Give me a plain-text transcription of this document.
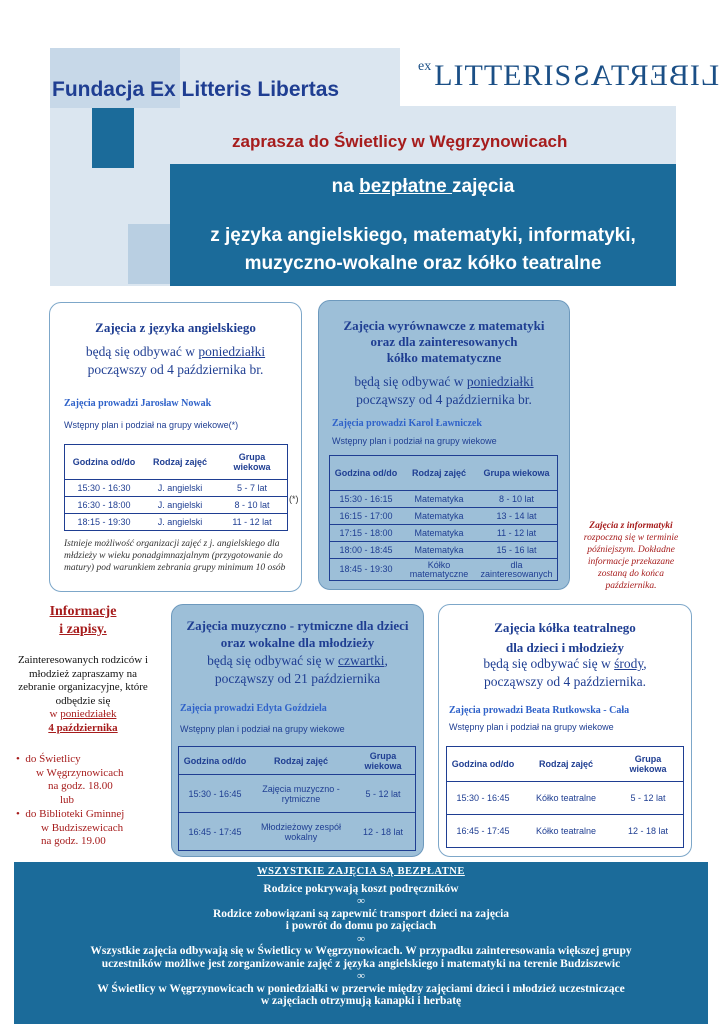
Fundacja Ex Litteris Libertas
$^{ex}$ LITTERISLIBERTAS
zaprasza do Świetlicy w Węgrzynowicach
na bezpłatne zajęcia
z języka angielskiego, matematyki, informatyki,
muzyczno-wokalne oraz kółko teatralne
Zajęcia z języka angielskiego
będą się odbywać w poniedziałki
począwszy od 4 października br.
Zajęcia prowadzi Jarosław Nowak
Wstępny plan i podział na grupy wiekowe(*)
Godzina od/do	Rodzaj zajęć	Grupa wiekowa
15:30 - 16:30	J. angielski	5 - 7 lat
16:30 - 18:00	J. angielski	8 - 10 lat
18:15 - 19:30	J. angielski	11 - 12 lat
(*)
Istnieje możliwość organizacji zajęć z j. angielskiego dla młdzieży w wieku ponadgimnazjalnym (przygotowanie do matury) pod warunkiem zebrania grupy minimum 10 osób
Zajęcia wyrównawcze z matematyki
oraz dla zainteresowanych
kółko matematyczne
będą się odbywać w poniedziałki
począwszy od 4 października br.
Zajęcia prowadzi Karol Ławniczek
Wstępny plan i podział na grupy wiekowe
Godzina od/do	Rodzaj zajęć	Grupa wiekowa
15:30 - 16:15	Matematyka	8 - 10 lat
16:15 - 17:00	Matematyka	13 - 14 lat
17:15 - 18:00	Matematyka	11 - 12 lat
18:00 - 18:45	Matematyka	15 - 16 lat
18:45 - 19:30	Kółko matematyczne	dla zainteresowanych
Zajęcia z informatyki
rozpoczną się w terminie późniejszym. Dokładne informacje przekazane zostaną do końca października.
Informacje
i zapisy.
Zainteresowanych rodziców i młodzież zapraszamy na zebranie organizacyjne, które odbędzie się
w poniedziałek
4 października
• do Świetlicy
w Węgrzynowicach
na godz. 18.00
lub
• do Biblioteki Gminnej
w Budziszewicach
na godz. 19.00
Zajęcia muzyczno - rytmiczne dla dzieci
oraz wokalne dla młodzieży
będą się odbywać się w czwartki,
począwszy od 21 października
Zajęcia prowadzi Edyta Goździela
Wstępny plan i podział na grupy wiekowe
Godzina od/do	Rodzaj zajęć	Grupa wiekowa
15:30 - 16:45	Zajęcia muzyczno - rytmiczne	5 - 12 lat
16:45 - 17:45	Młodzieżowy zespół wokalny	12 - 18 lat
Zajęcia kółka teatralnego
dla dzieci i młodzieży
będą się odbywać się w środy,
począwszy od 4 października.
Zajęcia prowadzi Beata Rutkowska - Cała
Wstępny plan i podział na grupy wiekowe
Godzina od/do	Rodzaj zajęć	Grupa wiekowa
15:30 - 16:45	Kółko teatralne	5 - 12 lat
16:45 - 17:45	Kółko teatralne	12 - 18 lat
WSZYSTKIE ZAJĘCIA SĄ BEZPŁATNE
Rodzice pokrywają koszt podręczników
∞
Rodzice zobowiązani są zapewnić transport dzieci na zajęcia
i powrót do domu po zajęciach
∞
Wszystkie zajęcia odbywają się w Świetlicy w Węgrzynowicach. W przypadku zainteresowania większej grupy
uczestników możliwe jest zorganizowanie zajęć z języka angielskiego i matematyki na terenie Budziszewic
∞
W Świetlicy w Węgrzynowicach w poniedziałki w przerwie między zajęciami dzieci i młodzież uczestniczące
w zajęciach otrzymują kanapki i herbatę
